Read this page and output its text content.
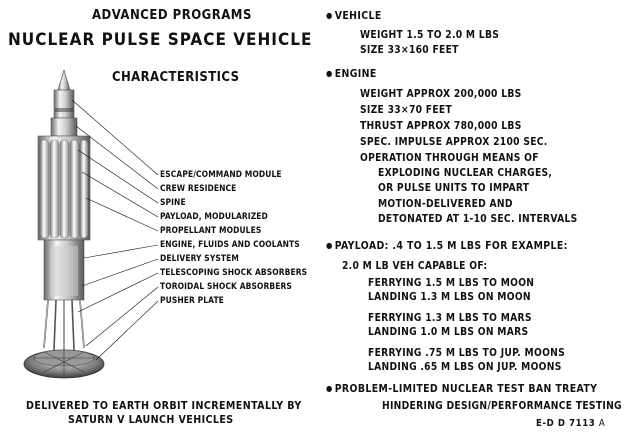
ADVANCED PROGRAMS
NUCLEAR PULSE SPACE VEHICLE
CHARACTERISTICS
ESCAPE/COMMAND MODULE
CREW RESIDENCE
SPINE
PAYLOAD, MODULARIZED
PROPELLANT MODULES
ENGINE, FLUIDS AND COOLANTS
DELIVERY SYSTEM
TELESCOPING SHOCK ABSORBERS
TOROIDAL SHOCK ABSORBERS
PUSHER PLATE
DELIVERED TO EARTH ORBIT INCREMENTALLY BY
SATURN V LAUNCH VEHICLES
● VEHICLE
WEIGHT 1.5 TO 2.0 M LBS
SIZE 33×160 FEET
● ENGINE
WEIGHT APPROX 200,000 LBS
SIZE 33×70 FEET
THRUST APPROX 780,000 LBS
SPEC. IMPULSE APPROX 2100 SEC.
OPERATION THROUGH MEANS OF
EXPLODING NUCLEAR CHARGES,
OR PULSE UNITS TO IMPART
MOTION-DELIVERED AND
DETONATED AT 1-10 SEC. INTERVALS
● PAYLOAD: .4 TO 1.5 M LBS FOR EXAMPLE:
2.0 M LB VEH CAPABLE OF:
FERRYING 1.5 M LBS TO MOON
LANDING 1.3 M LBS ON MOON
FERRYING 1.3 M LBS TO MARS
LANDING 1.0 M LBS ON MARS
FERRYING .75 M LBS TO JUP. MOONS
LANDING .65 M LBS ON JUP. MOONS
● PROBLEM-LIMITED NUCLEAR TEST BAN TREATY
HINDERING DESIGN/PERFORMANCE TESTING
E-D D 7113 A
